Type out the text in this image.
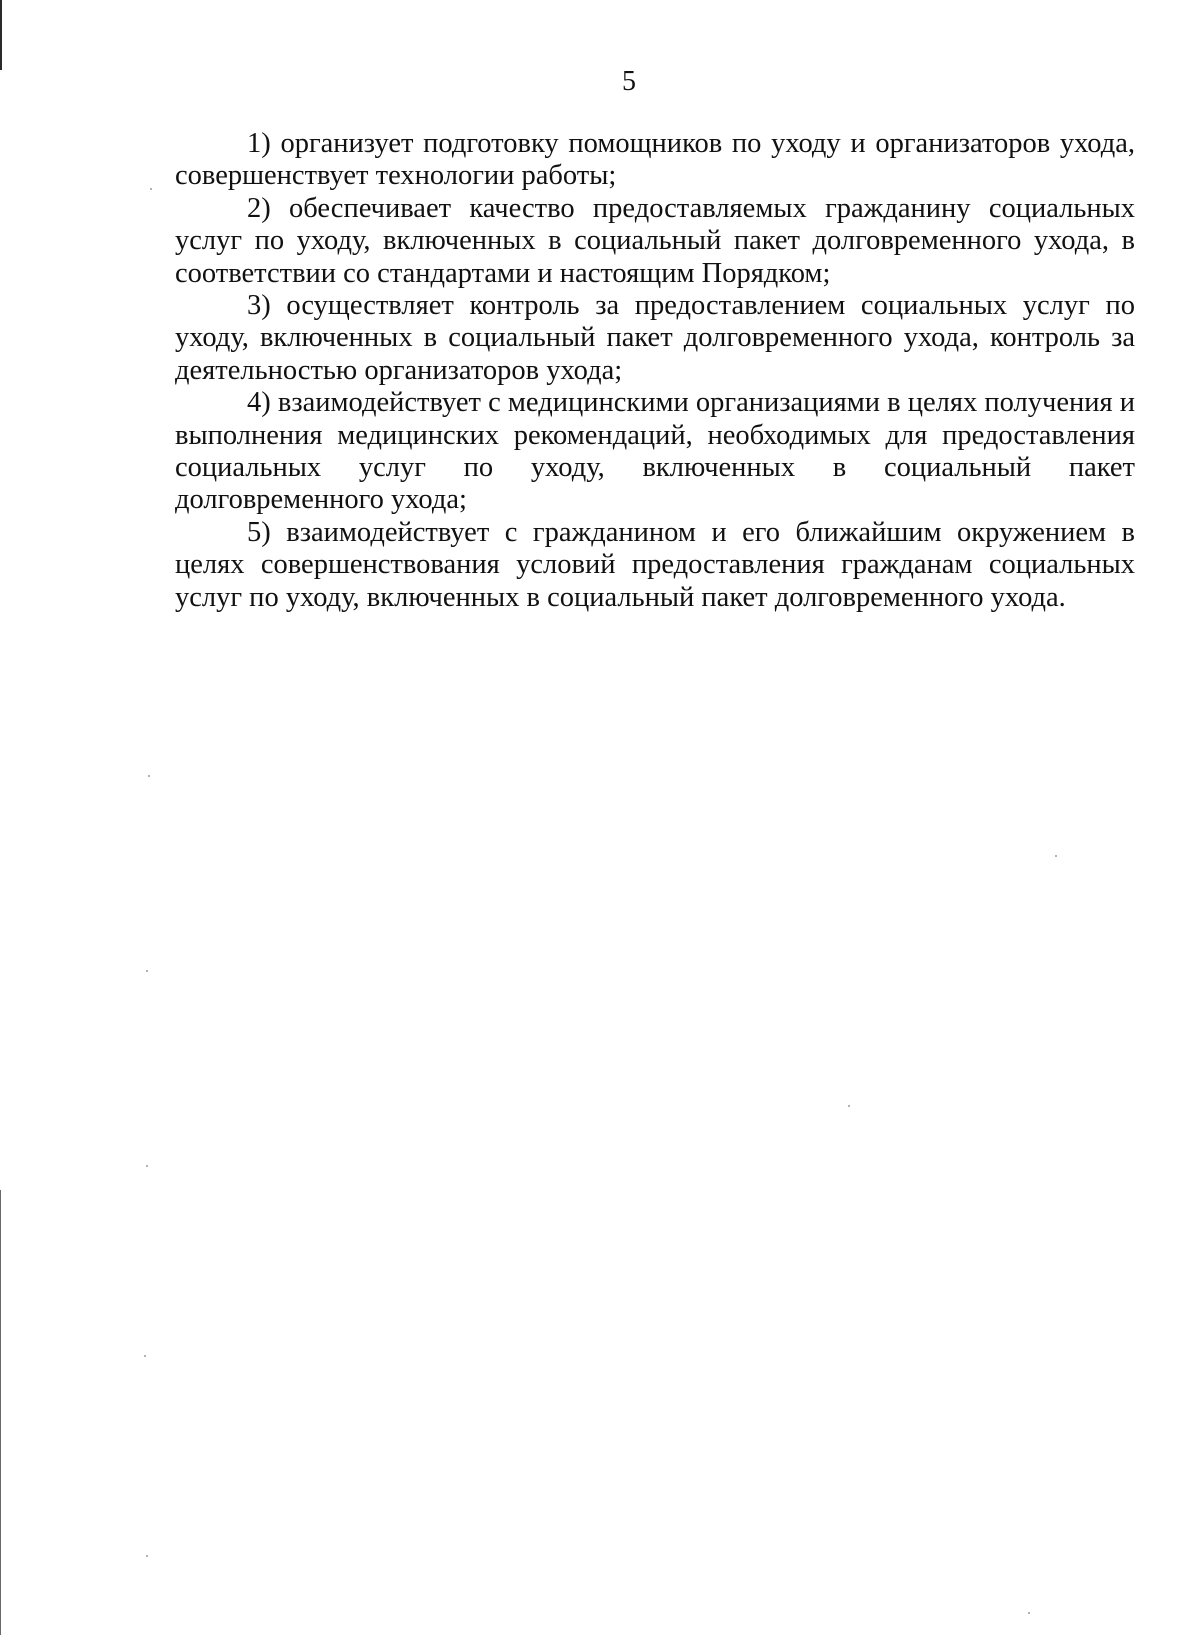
5

1) организует подготовку помощников по уходу и организаторов ухода, совершенствует технологии работы;

2) обеспечивает качество предоставляемых гражданину социальных услуг по уходу, включенных в социальный пакет долговременного ухода, в соответствии со стандартами и настоящим Порядком;

3) осуществляет контроль за предоставлением социальных услуг по уходу, включенных в социальный пакет долговременного ухода, контроль за деятельностью организаторов ухода;

4) взаимодействует с медицинскими организациями в целях получения и выполнения медицинских рекомендаций, необходимых для предоставления социальных услуг по уходу, включенных в социальный пакет долговременного ухода;

5) взаимодействует с гражданином и его ближайшим окружением в целях совершенствования условий предоставления гражданам социальных услуг по уходу, включенных в социальный пакет долговременного ухода.
